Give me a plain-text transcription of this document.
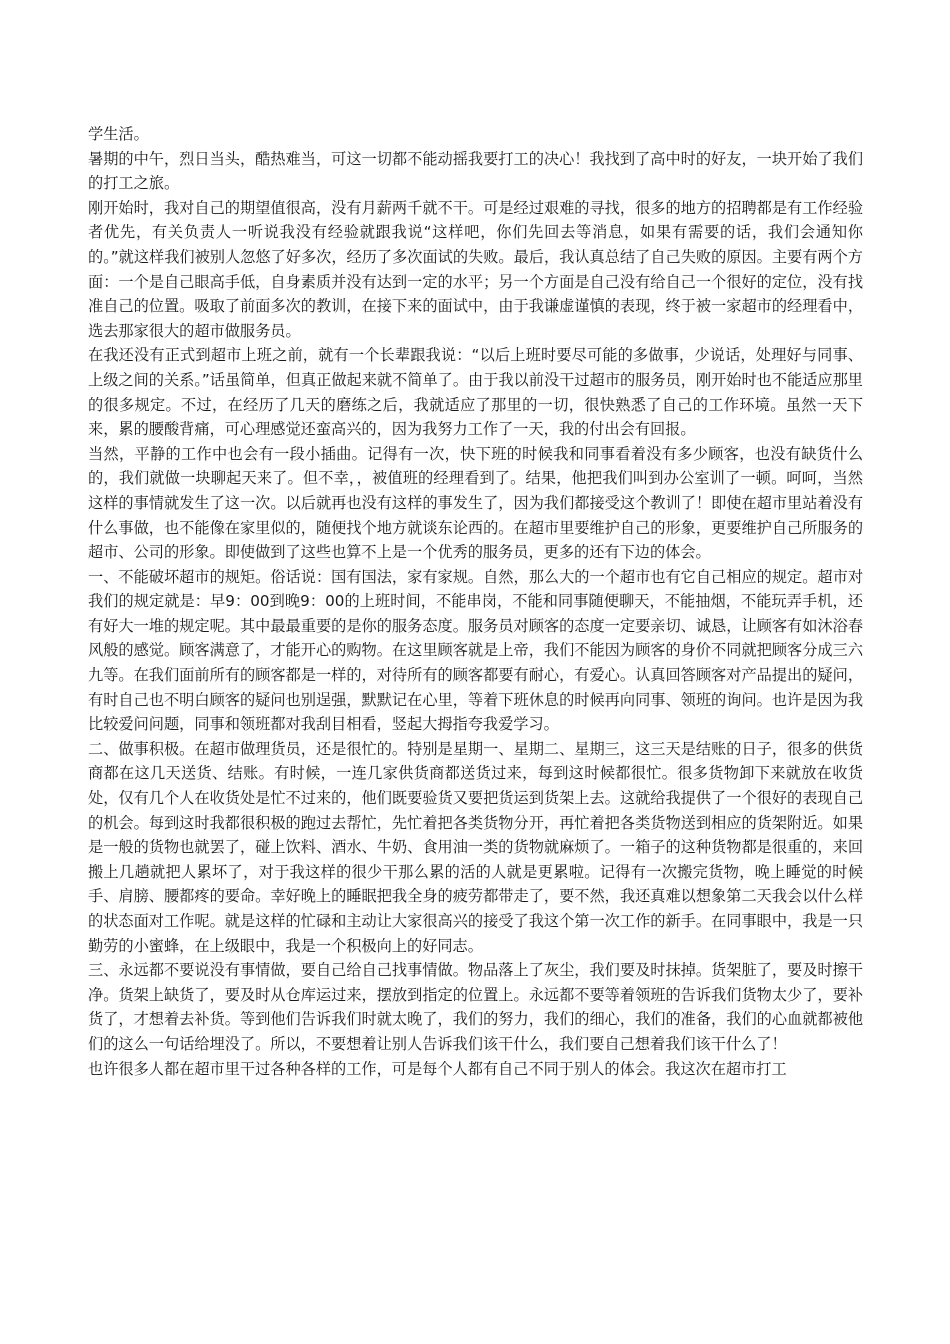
学生活。

暑期的中午，烈日当头，酷热难当，可这一切都不能动摇我要打工的决心！我找到了高中时的好友，一块开始了我们的打工之旅。

刚开始时，我对自己的期望值很高，没有月薪两千就不干。可是经过艰难的寻找，很多的地方的招聘都是有工作经验者优先，有关负责人一听说我没有经验就跟我说“这样吧，你们先回去等消息，如果有需要的话，我们会通知你的。”就这样我们被别人忽悠了好多次，经历了多次面试的失败。最后，我认真总结了自己失败的原因。主要有两个方面：一个是自己眼高手低，自身素质并没有达到一定的水平；另一个方面是自己没有给自己一个很好的定位，没有找准自己的位置。吸取了前面多次的教训，在接下来的面试中，由于我谦虚谨慎的表现，终于被一家超市的经理看中，选去那家很大的超市做服务员。

在我还没有正式到超市上班之前，就有一个长辈跟我说：“以后上班时要尽可能的多做事，少说话，处理好与同事、上级之间的关系。”话虽简单，但真正做起来就不简单了。由于我以前没干过超市的服务员，刚开始时也不能适应那里的很多规定。不过，在经历了几天的磨练之后，我就适应了那里的一切，很快熟悉了自己的工作环境。虽然一天下来，累的腰酸背痛，可心理感觉还蛮高兴的，因为我努力工作了一天，我的付出会有回报。

当然，平静的工作中也会有一段小插曲。记得有一次，快下班的时候我和同事看着没有多少顾客，也没有缺货什么的，我们就做一块聊起天来了。但不幸，，被值班的经理看到了。结果，他把我们叫到办公室训了一顿。呵呵，当然这样的事情就发生了这一次。以后就再也没有这样的事发生了，因为我们都接受这个教训了！即使在超市里站着没有什么事做，也不能像在家里似的，随便找个地方就谈东论西的。在超市里要维护自己的形象，更要维护自己所服务的超市、公司的形象。即使做到了这些也算不上是一个优秀的服务员，更多的还有下边的体会。

一、不能破坏超市的规矩。俗话说：国有国法，家有家规。自然，那么大的一个超市也有它自己相应的规定。超市对我们的规定就是：早9：00到晚9：00的上班时间，不能串岗，不能和同事随便聊天，不能抽烟，不能玩弄手机，还有好大一堆的规定呢。其中最最重要的是你的服务态度。服务员对顾客的态度一定要亲切、诚恳，让顾客有如沐浴春风般的感觉。顾客满意了，才能开心的购物。在这里顾客就是上帝，我们不能因为顾客的身价不同就把顾客分成三六九等。在我们面前所有的顾客都是一样的，对待所有的顾客都要有耐心，有爱心。认真回答顾客对产品提出的疑问，有时自己也不明白顾客的疑问也别逞强，默默记在心里，等着下班休息的时候再向同事、领班的询问。也许是因为我比较爱问问题，同事和领班都对我刮目相看，竖起大拇指夸我爱学习。

二、做事积极。在超市做理货员，还是很忙的。特别是星期一、星期二、星期三，这三天是结账的日子，很多的供货商都在这几天送货、结账。有时候，一连几家供货商都送货过来，每到这时候都很忙。很多货物卸下来就放在收货处，仅有几个人在收货处是忙不过来的，他们既要验货又要把货运到货架上去。这就给我提供了一个很好的表现自己的机会。每到这时我都很积极的跑过去帮忙，先忙着把各类货物分开，再忙着把各类货物送到相应的货架附近。如果是一般的货物也就罢了，碰上饮料、酒水、牛奶、食用油一类的货物就麻烦了。一箱子的这种货物都是很重的，来回搬上几趟就把人累坏了，对于我这样的很少干那么累的活的人就是更累啦。记得有一次搬完货物，晚上睡觉的时候手、肩膀、腰都疼的要命。幸好晚上的睡眠把我全身的疲劳都带走了，要不然，我还真难以想象第二天我会以什么样的状态面对工作呢。就是这样的忙碌和主动让大家很高兴的接受了我这个第一次工作的新手。在同事眼中，我是一只勤劳的小蜜蜂，在上级眼中，我是一个积极向上的好同志。

三、永远都不要说没有事情做，要自己给自己找事情做。物品落上了灰尘，我们要及时抹掉。货架脏了，要及时擦干净。货架上缺货了，要及时从仓库运过来，摆放到指定的位置上。永远都不要等着领班的告诉我们货物太少了，要补货了，才想着去补货。等到他们告诉我们时就太晚了，我们的努力，我们的细心，我们的准备，我们的心血就都被他们的这么一句话给埋没了。所以，不要想着让别人告诉我们该干什么，我们要自己想着我们该干什么了！

也许很多人都在超市里干过各种各样的工作，可是每个人都有自己不同于别人的体会。我这次在超市打工
